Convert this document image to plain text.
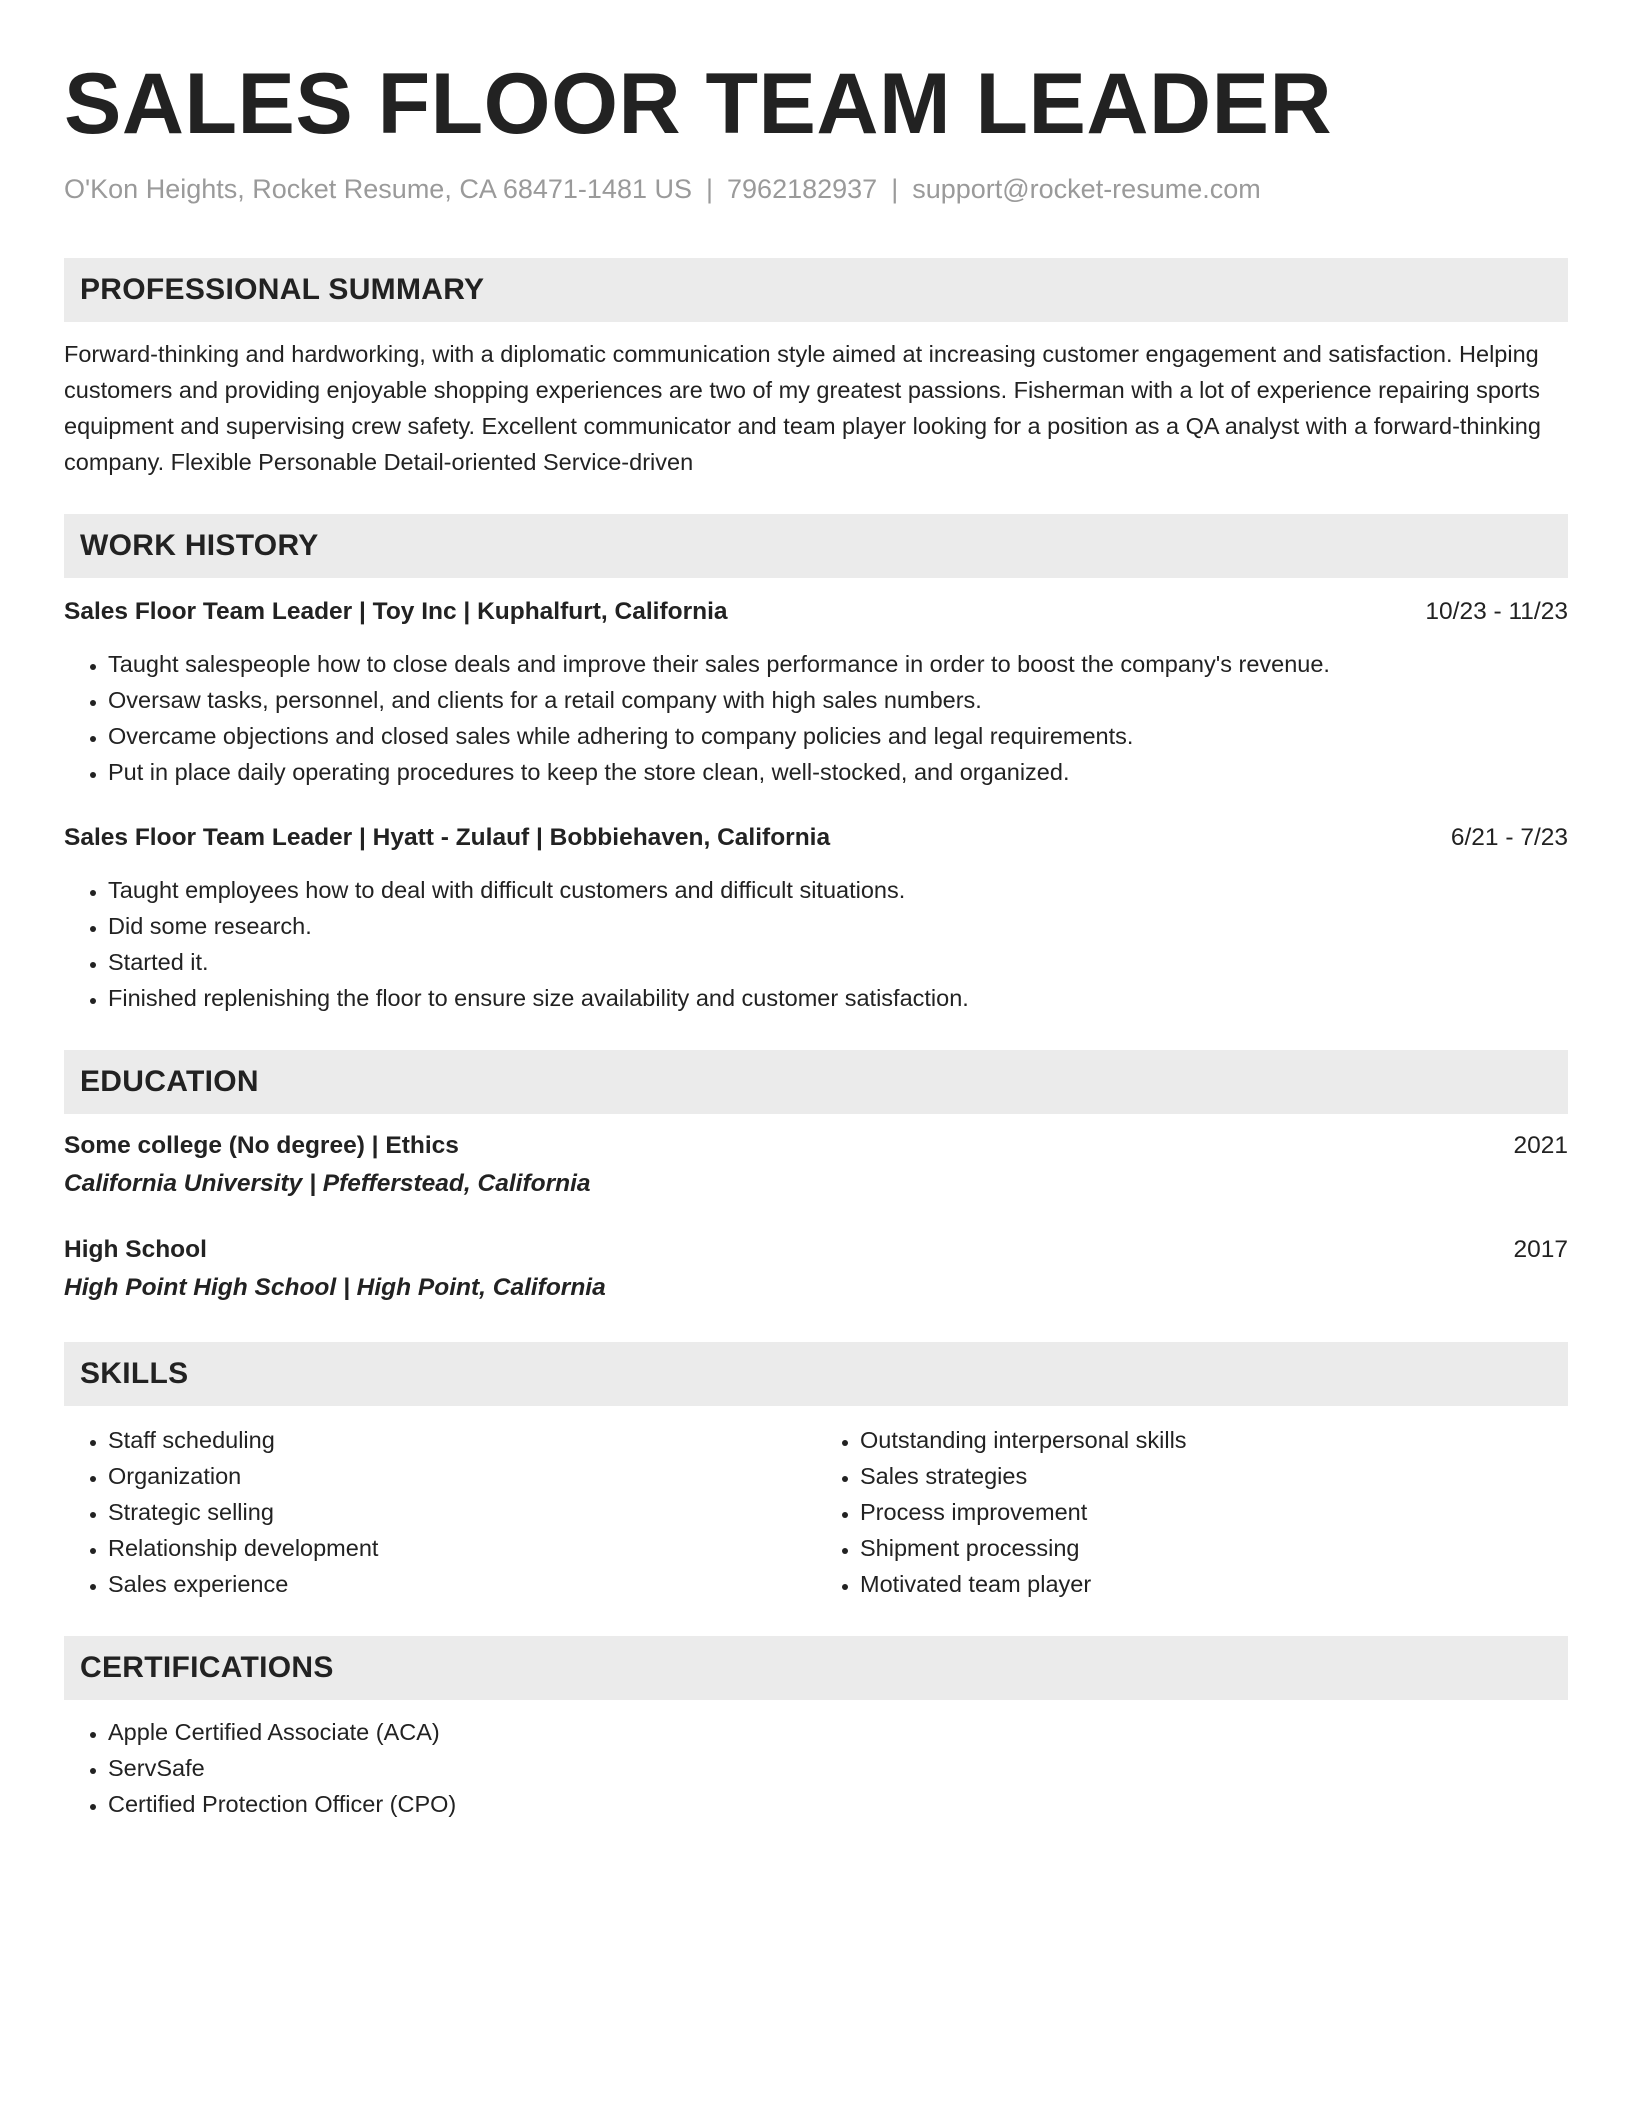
SALES FLOOR TEAM LEADER
O'Kon Heights, Rocket Resume, CA 68471-1481 US | 7962182937 | support@rocket-resume.com
PROFESSIONAL SUMMARY
Forward-thinking and hardworking, with a diplomatic communication style aimed at increasing customer engagement and satisfaction. Helping customers and providing enjoyable shopping experiences are two of my greatest passions. Fisherman with a lot of experience repairing sports equipment and supervising crew safety. Excellent communicator and team player looking for a position as a QA analyst with a forward-thinking company. Flexible Personable Detail-oriented Service-driven
WORK HISTORY
Sales Floor Team Leader | Toy Inc | Kuphalfurt, California	10/23 - 11/23
• Taught salespeople how to close deals and improve their sales performance in order to boost the company's revenue.
• Oversaw tasks, personnel, and clients for a retail company with high sales numbers.
• Overcame objections and closed sales while adhering to company policies and legal requirements.
• Put in place daily operating procedures to keep the store clean, well-stocked, and organized.
Sales Floor Team Leader | Hyatt - Zulauf | Bobbiehaven, California	6/21 - 7/23
• Taught employees how to deal with difficult customers and difficult situations.
• Did some research.
• Started it.
• Finished replenishing the floor to ensure size availability and customer satisfaction.
EDUCATION
Some college (No degree) | Ethics	2021
California University | Pfefferstead, California
High School	2017
High Point High School | High Point, California
SKILLS
• Staff scheduling
• Organization
• Strategic selling
• Relationship development
• Sales experience
• Outstanding interpersonal skills
• Sales strategies
• Process improvement
• Shipment processing
• Motivated team player
CERTIFICATIONS
• Apple Certified Associate (ACA)
• ServSafe
• Certified Protection Officer (CPO)
